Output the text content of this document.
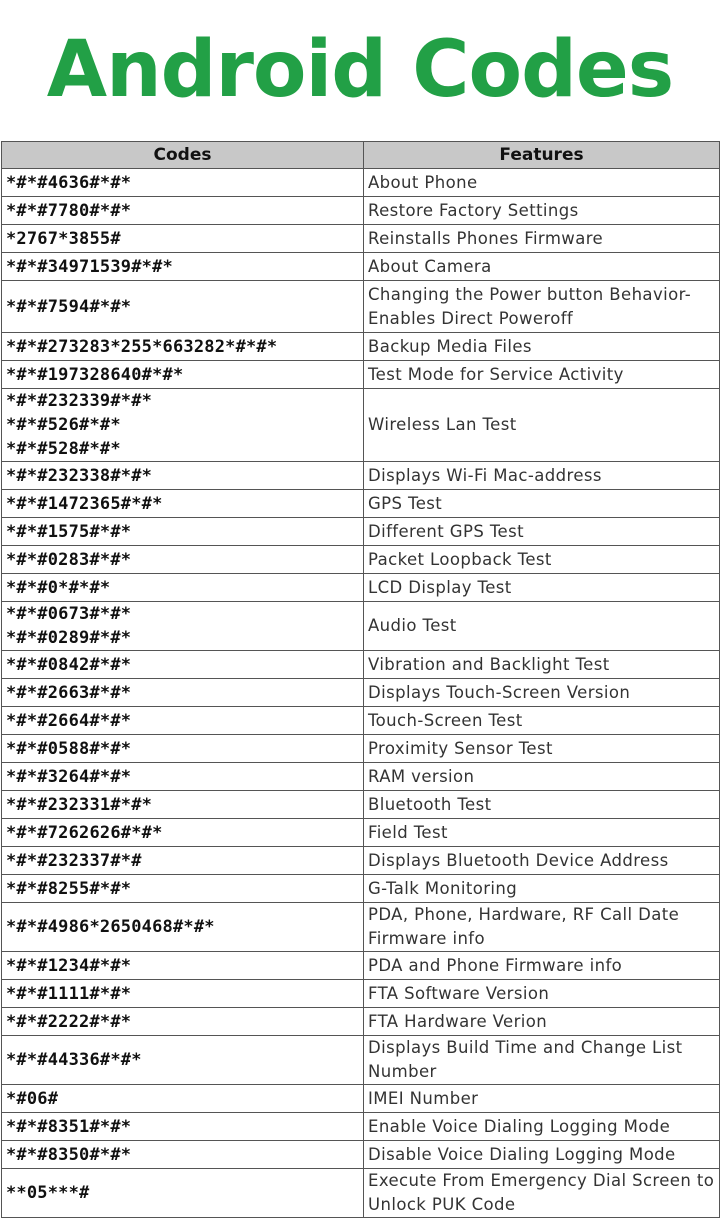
Android Codes
Codes	Features

*#*#4636#*#*	About Phone

*#*#7780#*#*	Restore Factory Settings

*2767*3855#	Reinstalls Phones Firmware

*#*#34971539#*#*	About Camera

*#*#7594#*#*	Changing the Power button Behavior-Enables Direct Poweroff

*#*#273283*255*663282*#*#*	Backup Media Files

*#*#197328640#*#*	Test Mode for Service Activity

*#*#232339#*#*
*#*#526#*#*
*#*#528#*#*	Wireless Lan Test

*#*#232338#*#*	Displays Wi-Fi Mac-address

*#*#1472365#*#*	GPS Test

*#*#1575#*#*	Different GPS Test

*#*#0283#*#*	Packet Loopback Test

*#*#0*#*#*	LCD Display Test

*#*#0673#*#*
*#*#0289#*#*	Audio Test

*#*#0842#*#*	Vibration and Backlight Test

*#*#2663#*#*	Displays Touch-Screen Version

*#*#2664#*#*	Touch-Screen Test

*#*#0588#*#*	Proximity Sensor Test

*#*#3264#*#*	RAM version

*#*#232331#*#*	Bluetooth Test

*#*#7262626#*#*	Field Test

*#*#232337#*#	Displays Bluetooth Device Address

*#*#8255#*#*	G-Talk Monitoring

*#*#4986*2650468#*#*	PDA, Phone, Hardware, RF Call Date Firmware info

*#*#1234#*#*	PDA and Phone Firmware info

*#*#1111#*#*	FTA Software Version

*#*#2222#*#*	FTA Hardware Verion

*#*#44336#*#*	Displays Build Time and Change List Number

*#06#	IMEI Number

*#*#8351#*#*	Enable Voice Dialing Logging Mode

*#*#8350#*#*	Disable Voice Dialing Logging Mode

**05***#	Execute From Emergency Dial Screen to Unlock PUK Code
